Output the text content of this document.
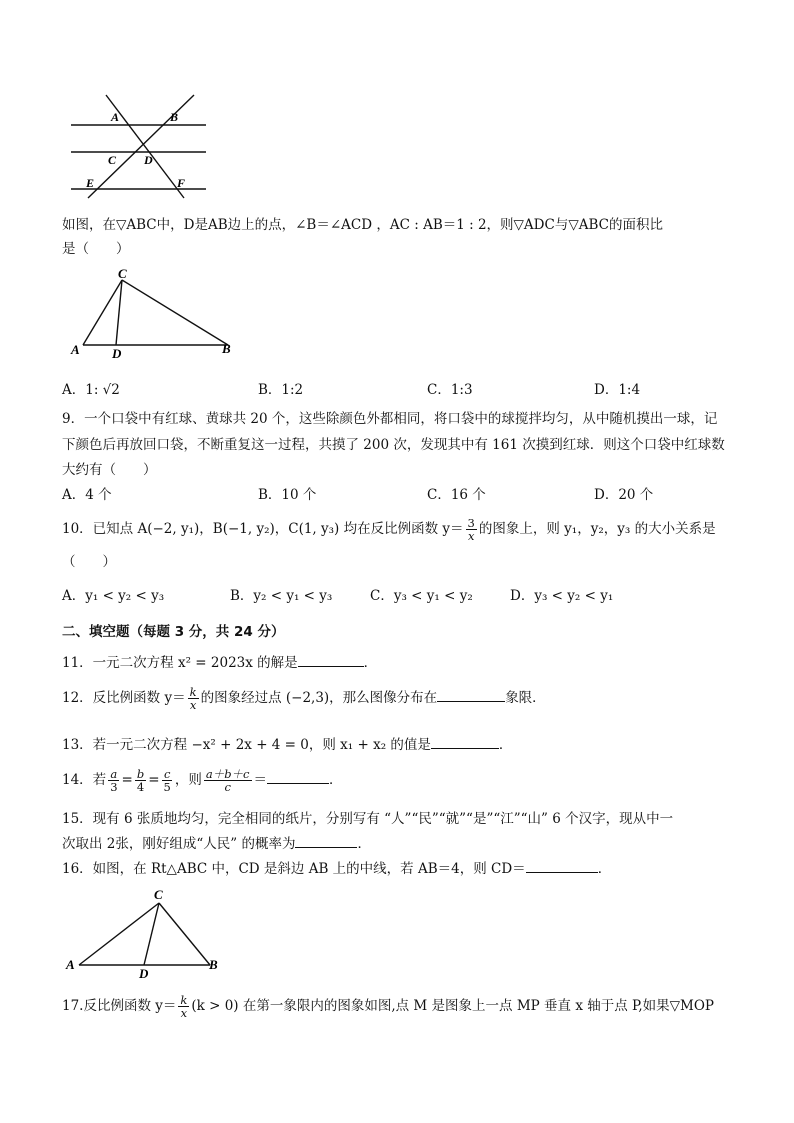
A	B
C D
E	F
如图，在▽ABC中，D是AB边上的点，∠B＝∠ACD ，AC : AB＝1 : 2，则▽ADC与▽ABC的面积比
是（　　）
C
A D	B
A．1: √2	B．1:2	C．1:3	D．1:4
9．一个口袋中有红球、黄球共 20 个，这些除颜色外都相同，将口袋中的球搅拌均匀，从中随机摸出一球，记
下颜色后再放回口袋，不断重复这一过程，共摸了 200 次，发现其中有 161 次摸到红球．则这个口袋中红球数
大约有（　　）
A．4 个	B．10 个	C．16 个	D．20 个
10．已知点 A(−2, y₁)，B(−1, y₂)，C(1, y₃) 均在反比例函数 $y= \frac{3}{x}$ 的图象上，则 y₁，y₂，y₃ 的大小关系是
（　　）
A．y₁ < y₂ < y₃	B．y₂ < y₁ < y₃	C．y₃ < y₁ < y₂	D．y₃ < y₂ < y₁
二、填空题（每题 3 分，共 24 分）
11．一元二次方程 x² = 2023x 的解是	．
12．反比例函数 $y= \frac{k}{x}$ 的图象经过点 (−2,3)，那么图像分布在	象限．
13．若一元二次方程 −x² + 2x + 4 = 0，则 x₁ + x₂ 的值是	．
14．若 $\frac{a}{3} = \frac{b}{4} = \frac{c}{5}$ ，则 $\frac{a+b+c}{c}$ ＝	．
15．现有 6 张质地均匀，完全相同的纸片，分别写有 “人”“民”“就”“是”“江”“山” 6 个汉字，现从中一
次取出 2张，刚好组成“人民” 的概率为	．
16．如图，在 Rt△ABC 中，CD 是斜边 AB 上的中线，若 AB＝4，则 CD＝	．
C
A
D
B
17.反比例函数 $y= \frac{k}{x} (k > 0)$ 在第一象限内的图象如图,点 M 是图象上一点 MP 垂直 x 轴于点 P,如果▽MOP
